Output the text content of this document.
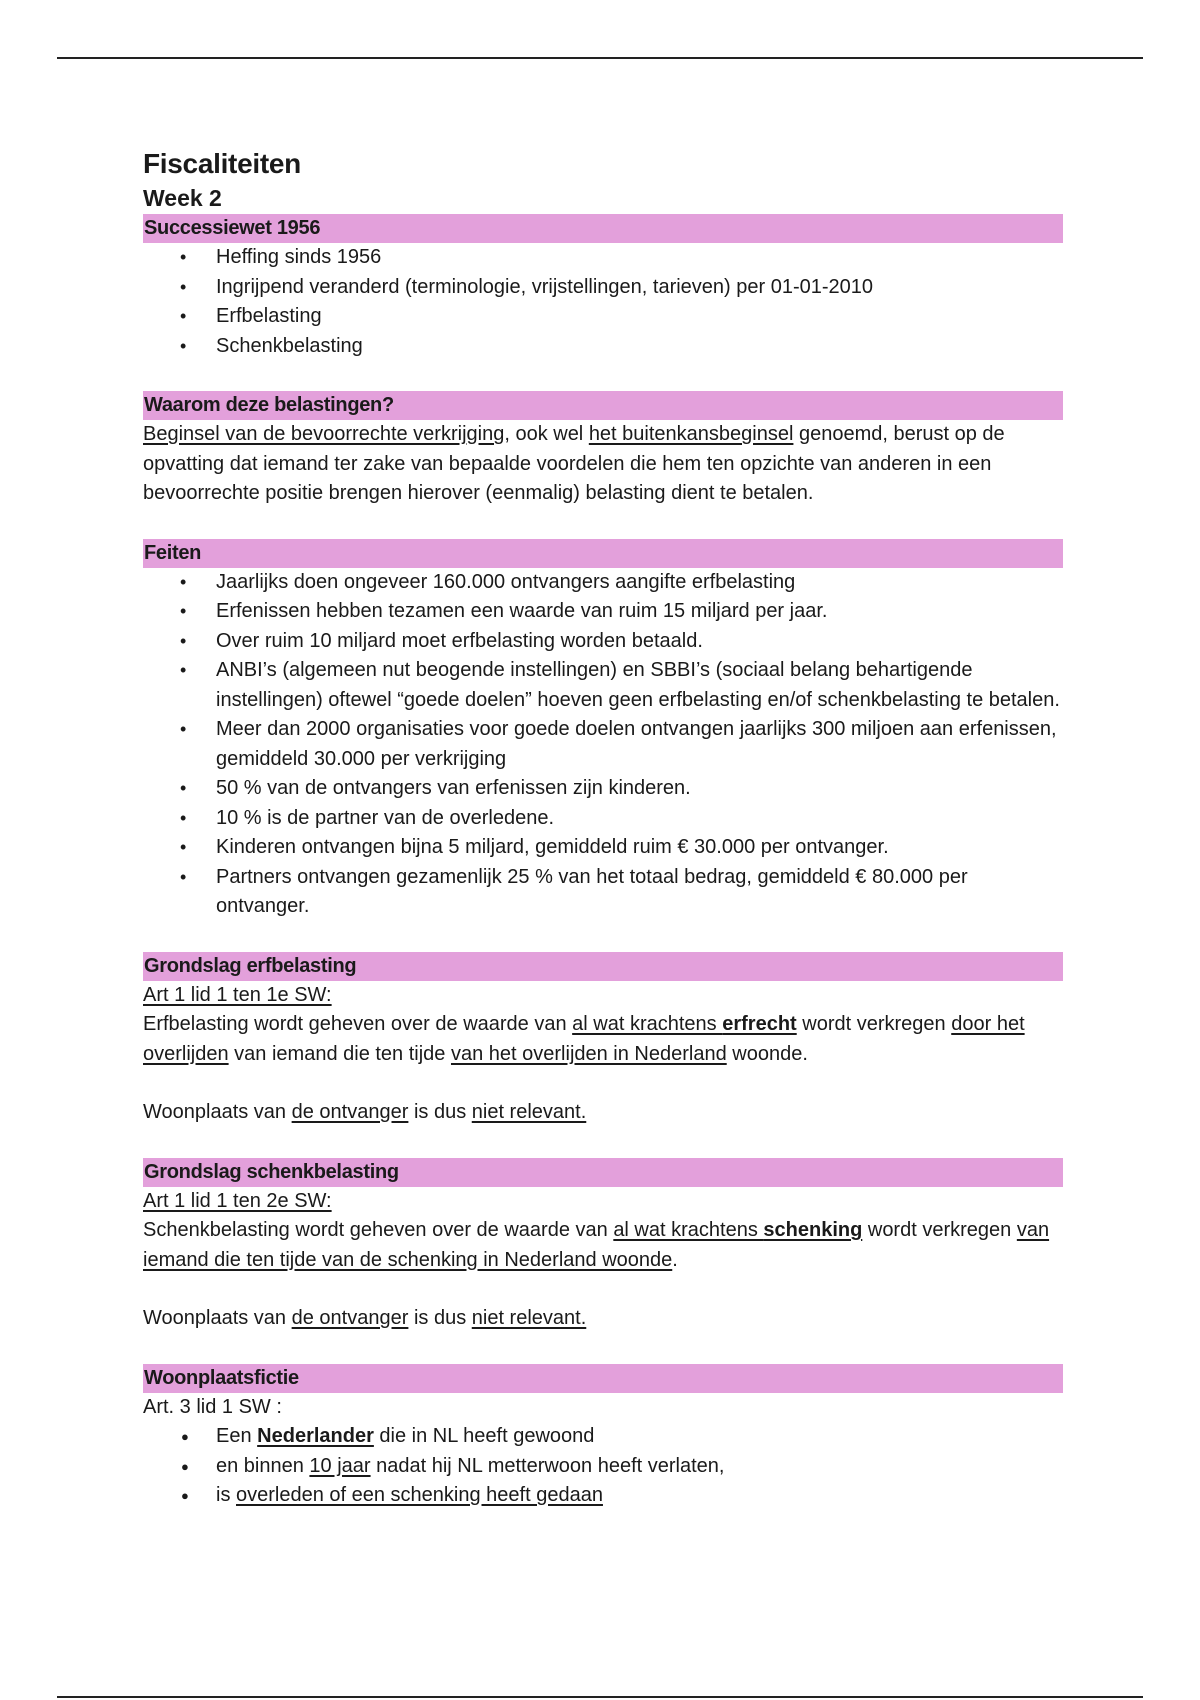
Fiscaliteiten
Week 2
Successiewet 1956
• Heffing sinds 1956
• Ingrijpend veranderd (terminologie, vrijstellingen, tarieven) per 01-01-2010
• Erfbelasting
• Schenkbelasting
Waarom deze belastingen?

Beginsel van de bevoorrechte verkrijging, ook wel het buitenkansbeginsel genoemd, berust op de opvatting dat iemand ter zake van bepaalde voordelen die hem ten opzichte van anderen in een bevoorrechte positie brengen hierover (eenmalig) belasting dient te betalen.

Feiten
• Jaarlijks doen ongeveer 160.000 ontvangers aangifte erfbelasting
• Erfenissen hebben tezamen een waarde van ruim 15 miljard per jaar.
• Over ruim 10 miljard moet erfbelasting worden betaald.
• ANBI’s (algemeen nut beogende instellingen) en SBBI’s (sociaal belang behartigende instellingen) oftewel “goede doelen” hoeven geen erfbelasting en/of schenkbelasting te betalen.
• Meer dan 2000 organisaties voor goede doelen ontvangen jaarlijks 300 miljoen aan erfenissen, gemiddeld 30.000 per verkrijging
• 50 % van de ontvangers van erfenissen zijn kinderen.
• 10 % is de partner van de overledene.
• Kinderen ontvangen bijna 5 miljard, gemiddeld ruim € 30.000 per ontvanger.
• Partners ontvangen gezamenlijk 25 % van het totaal bedrag, gemiddeld € 80.000 per ontvanger.
Grondslag erfbelasting

Art 1 lid 1 ten 1e SW:

Erfbelasting wordt geheven over de waarde van al wat krachtens erfrecht wordt verkregen door het overlijden van iemand die ten tijde van het overlijden in Nederland woonde.

Woonplaats van de ontvanger is dus niet relevant.

Grondslag schenkbelasting

Art 1 lid 1 ten 2e SW:

Schenkbelasting wordt geheven over de waarde van al wat krachtens schenking wordt verkregen van iemand die ten tijde van de schenking in Nederland woonde.

Woonplaats van de ontvanger is dus niet relevant.

Woonplaatsfictie

Art. 3 lid 1 SW :

● Een Nederlander die in NL heeft gewoond
● en binnen 10 jaar nadat hij NL metterwoon heeft verlaten,
● is overleden of een schenking heeft gedaan
